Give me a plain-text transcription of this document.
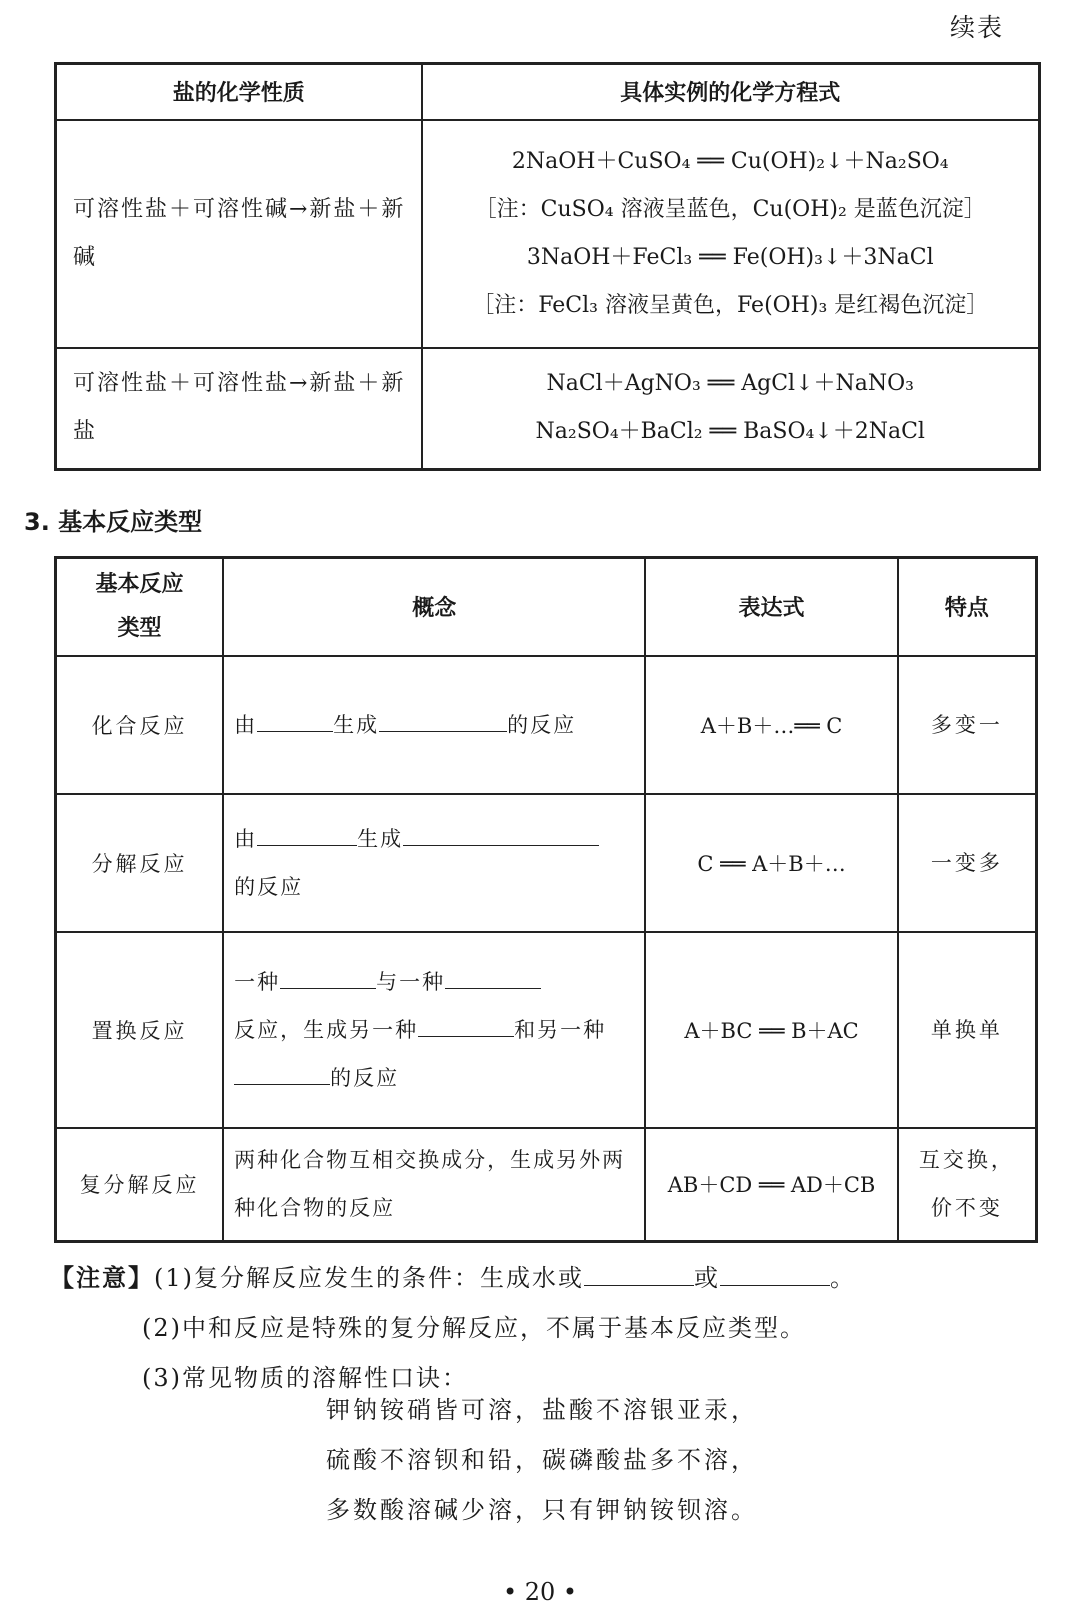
续表
盐的化学性质	具体实例的化学方程式
可溶性盐＋可溶性碱→新盐＋新碱	2NaOH＋CuSO₄ ══ Cu(OH)₂↓＋Na₂SO₄
［注：CuSO₄ 溶液呈蓝色，Cu(OH)₂ 是蓝色沉淀］
3NaOH＋FeCl₃ ══ Fe(OH)₃↓＋3NaCl
［注：FeCl₃ 溶液呈黄色，Fe(OH)₃ 是红褐色沉淀］

可溶性盐＋可溶性盐→新盐＋新盐	NaCl＋AgNO₃ ══ AgCl↓＋NaNO₃
Na₂SO₄＋BaCl₂ ══ BaSO₄↓＋2NaCl
3. 基本反应类型
基本反应类型	概念	表达式	特点
化合反应	由 生成 的反应	A＋B＋…══ C	多变一
分解反应	由 生成
的反应	C ══ A＋B＋…	一变多
置换反应	一种 与一种
反应，生成另一种 和另一种
的反应	A＋BC ══ B＋AC	单换单
复分解反应	两种化合物互相交换成分，生成另外两种化合物的反应	AB＋CD ══ AD＋CB	互交换，价不变
【注意】(1)复分解反应发生的条件：生成水或	或	。
(2)中和反应是特殊的复分解反应，不属于基本反应类型。
(3)常见物质的溶解性口诀：
钾钠铵硝皆可溶，盐酸不溶银亚汞，
硫酸不溶钡和铅，碳磷酸盐多不溶，
多数酸溶碱少溶，只有钾钠铵钡溶。
• 20 •
